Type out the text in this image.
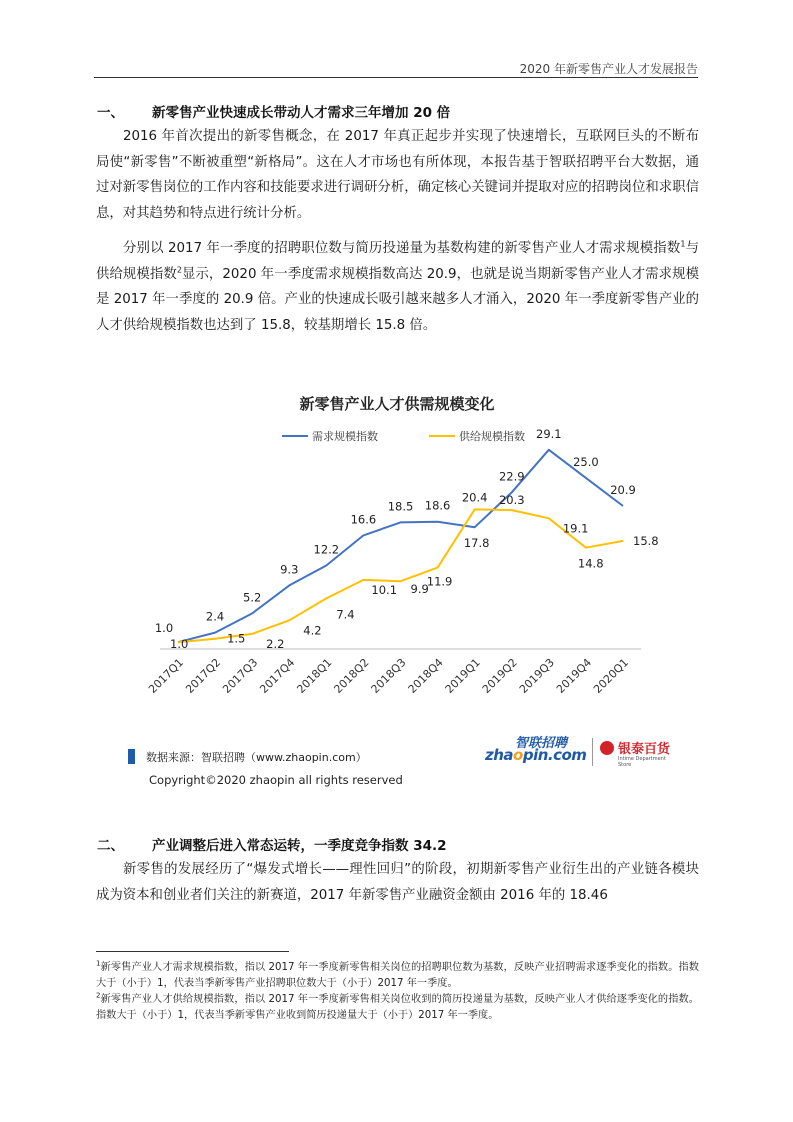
2020 年新零售产业人才发展报告
一、 新零售产业快速成长带动人才需求三年增加 20 倍
2016 年首次提出的新零售概念，在 2017 年真正起步并实现了快速增长，互联网巨头的不断布局使“新零售”不断被重塑“新格局”。这在人才市场也有所体现，本报告基于智联招聘平台大数据，通过对新零售岗位的工作内容和技能要求进行调研分析，确定核心关键词并提取对应的招聘岗位和求职信息，对其趋势和特点进行统计分析。
分别以 2017 年一季度的招聘职位数与简历投递量为基数构建的新零售产业人才需求规模指数$^1$与供给规模指数$^2$显示，2020 年一季度需求规模指数高达 20.9，也就是说当期新零售产业人才需求规模是 2017 年一季度的 20.9 倍。产业的快速成长吸引越来越多人才涌入，2020 年一季度新零售产业的人才供给规模指数也达到了 15.8，较基期增长 15.8 倍。
新零售产业人才供需规模变化
需求规模指数	供给规模指数
2017Q1
2017Q2
2017Q3
2017Q4
2018Q1
2018Q2
2018Q3
2018Q4
2019Q1
2019Q2
2019Q3
2019Q4
2020Q1
1.0
2.4
5.2
9.3
12.2
16.6
18.5 18.6
17.8
22.9
29.1
25.0
20.9
1.0	1.5 2.2
4.2
7.4
10.1 9.9
11.9
20.4 20.3
19.1
14.8
15.8
数据来源：智联招聘（www.zhaopin.com）
智联招聘
zhaopin.com 银泰百货
Intime Department Store
Copyright©2020 zhaopin all rights reserved
二、 产业调整后进入常态运转，一季度竞争指数 34.2
新零售的发展经历了“爆发式增长——理性回归”的阶段，初期新零售产业衍生出的产业链各模块成为资本和创业者们关注的新赛道，2017 年新零售产业融资金额由 2016 年的 18.46
$^1$新零售产业人才需求规模指数，指以 2017 年一季度新零售相关岗位的招聘职位数为基数，反映产业招聘需求逐季变化的指数。指数大于（小于）1，代表当季新零售产业招聘职位数大于（小于）2017 年一季度。
$^2$新零售产业人才供给规模指数，指以 2017 年一季度新零售相关岗位收到的简历投递量为基数，反映产业人才供给逐季变化的指数。指数大于（小于）1，代表当季新零售产业收到简历投递量大于（小于）2017 年一季度。
